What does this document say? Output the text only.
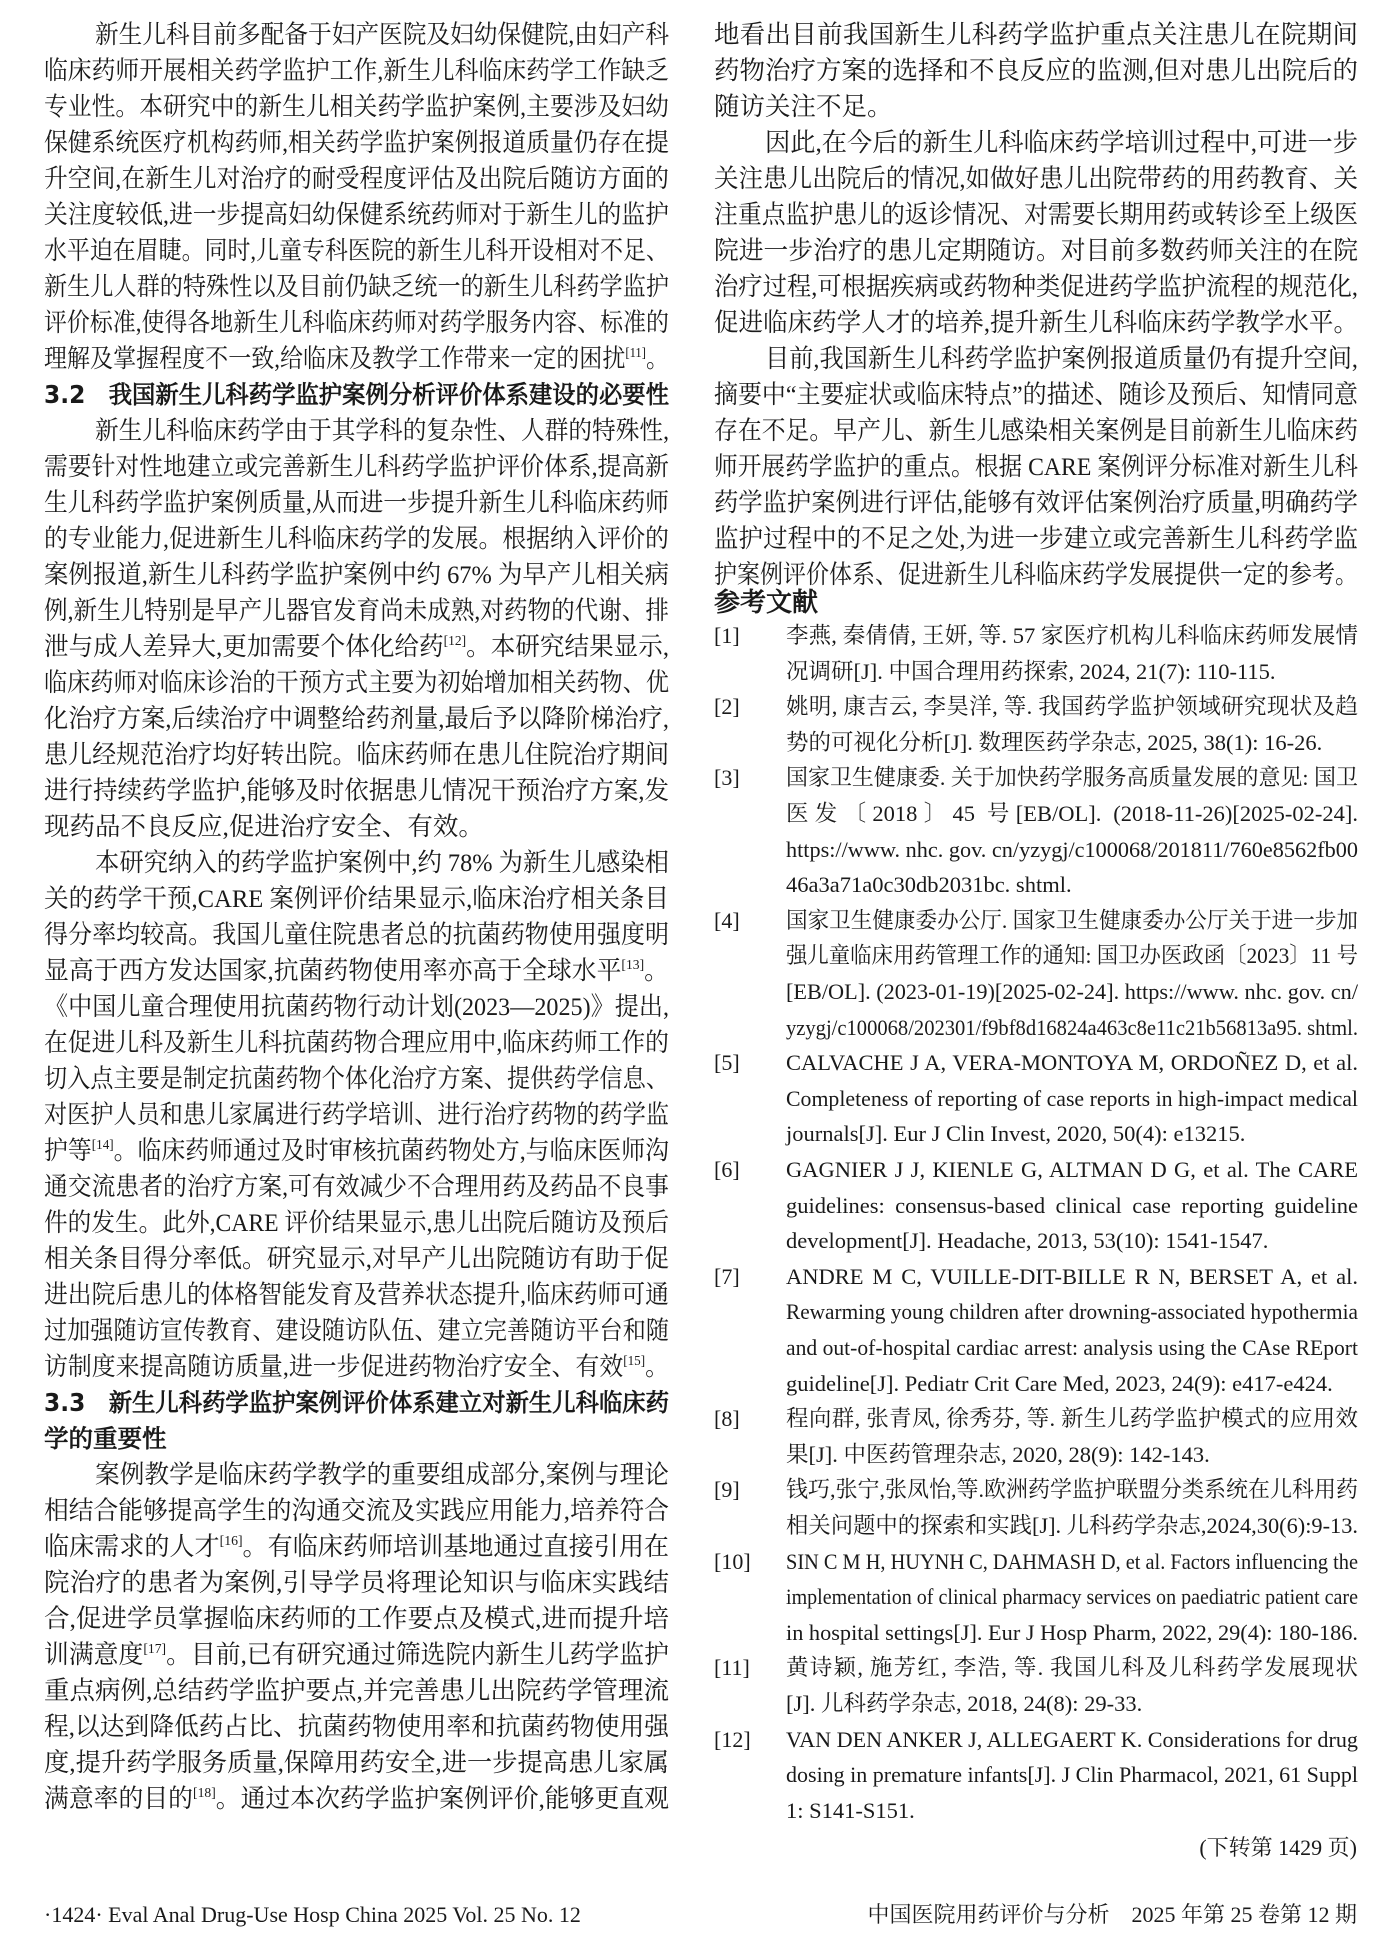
新生儿科目前多配备于妇产医院及妇幼保健院,由妇产科
临床药师开展相关药学监护工作,新生儿科临床药学工作缺乏
专业性。本研究中的新生儿相关药学监护案例,主要涉及妇幼
保健系统医疗机构药师,相关药学监护案例报道质量仍存在提
升空间,在新生儿对治疗的耐受程度评估及出院后随访方面的
关注度较低,进一步提高妇幼保健系统药师对于新生儿的监护
水平迫在眉睫。同时,儿童专科医院的新生儿科开设相对不足、
新生儿人群的特殊性以及目前仍缺乏统一的新生儿科药学监护
评价标准,使得各地新生儿科临床药师对药学服务内容、标准的
理解及掌握程度不一致,给临床及教学工作带来一定的困扰[11]。
3.2　我国新生儿科药学监护案例分析评价体系建设的必要性
新生儿科临床药学由于其学科的复杂性、人群的特殊性,
需要针对性地建立或完善新生儿科药学监护评价体系,提高新
生儿科药学监护案例质量,从而进一步提升新生儿科临床药师
的专业能力,促进新生儿科临床药学的发展。根据纳入评价的
案例报道,新生儿科药学监护案例中约 67% 为早产儿相关病
例,新生儿特别是早产儿器官发育尚未成熟,对药物的代谢、排
泄与成人差异大,更加需要个体化给药[12]。本研究结果显示,
临床药师对临床诊治的干预方式主要为初始增加相关药物、优
化治疗方案,后续治疗中调整给药剂量,最后予以降阶梯治疗,
患儿经规范治疗均好转出院。临床药师在患儿住院治疗期间
进行持续药学监护,能够及时依据患儿情况干预治疗方案,发
现药品不良反应,促进治疗安全、有效。
本研究纳入的药学监护案例中,约 78% 为新生儿感染相
关的药学干预,CARE 案例评价结果显示,临床治疗相关条目
得分率均较高。我国儿童住院患者总的抗菌药物使用强度明
显高于西方发达国家,抗菌药物使用率亦高于全球水平[13]。
《中国儿童合理使用抗菌药物行动计划(2023—2025)》提出,
在促进儿科及新生儿科抗菌药物合理应用中,临床药师工作的
切入点主要是制定抗菌药物个体化治疗方案、提供药学信息、
对医护人员和患儿家属进行药学培训、进行治疗药物的药学监
护等[14]。临床药师通过及时审核抗菌药物处方,与临床医师沟
通交流患者的治疗方案,可有效减少不合理用药及药品不良事
件的发生。此外,CARE 评价结果显示,患儿出院后随访及预后
相关条目得分率低。研究显示,对早产儿出院随访有助于促
进出院后患儿的体格智能发育及营养状态提升,临床药师可通
过加强随访宣传教育、建设随访队伍、建立完善随访平台和随
访制度来提高随访质量,进一步促进药物治疗安全、有效[15]。
3.3　新生儿科药学监护案例评价体系建立对新生儿科临床药
学的重要性
案例教学是临床药学教学的重要组成部分,案例与理论
相结合能够提高学生的沟通交流及实践应用能力,培养符合
临床需求的人才[16]。有临床药师培训基地通过直接引用在
院治疗的患者为案例,引导学员将理论知识与临床实践结
合,促进学员掌握临床药师的工作要点及模式,进而提升培
训满意度[17]。目前,已有研究通过筛选院内新生儿药学监护
重点病例,总结药学监护要点,并完善患儿出院药学管理流
程,以达到降低药占比、抗菌药物使用率和抗菌药物使用强
度,提升药学服务质量,保障用药安全,进一步提高患儿家属
满意率的目的[18]。通过本次药学监护案例评价,能够更直观
地看出目前我国新生儿科药学监护重点关注患儿在院期间
药物治疗方案的选择和不良反应的监测,但对患儿出院后的
随访关注不足。
因此,在今后的新生儿科临床药学培训过程中,可进一步
关注患儿出院后的情况,如做好患儿出院带药的用药教育、关
注重点监护患儿的返诊情况、对需要长期用药或转诊至上级医
院进一步治疗的患儿定期随访。对目前多数药师关注的在院
治疗过程,可根据疾病或药物种类促进药学监护流程的规范化,
促进临床药学人才的培养,提升新生儿科临床药学教学水平。
目前,我国新生儿科药学监护案例报道质量仍有提升空间,
摘要中“主要症状或临床特点”的描述、随诊及预后、知情同意
存在不足。早产儿、新生儿感染相关案例是目前新生儿临床药
师开展药学监护的重点。根据 CARE 案例评分标准对新生儿科
药学监护案例进行评估,能够有效评估案例治疗质量,明确药学
监护过程中的不足之处,为进一步建立或完善新生儿科药学监
护案例评价体系、促进新生儿科临床药学发展提供一定的参考。
参考文献
[1] 李燕, 秦倩倩, 王妍, 等. 57 家医疗机构儿科临床药师发展情
况调研[J]. 中国合理用药探索, 2024, 21(7): 110-115.
[2] 姚明, 康吉云, 李昊洋, 等. 我国药学监护领域研究现状及趋
势的可视化分析[J]. 数理医药学杂志, 2025, 38(1): 16-26.
[3] 国家卫生健康委. 关于加快药学服务高质量发展的意见: 国卫
医发〔2018〕45 号[EB/OL]. (2018-11-26)[2025-02-24].
https://www. nhc. gov. cn/yzygj/c100068/201811/760e8562fb00
46a3a71a0c30db2031bc. shtml.
[4] 国家卫生健康委办公厅. 国家卫生健康委办公厅关于进一步加
强儿童临床用药管理工作的通知: 国卫办医政函〔2023〕11 号
[EB/OL]. (2023-01-19)[2025-02-24]. https://www. nhc. gov. cn/
yzygj/c100068/202301/f9bf8d16824a463c8e11c21b56813a95. shtml.
[5] CALVACHE J A, VERA-MONTOYA M, ORDOÑEZ D, et al.
Completeness of reporting of case reports in high-impact medical
journals[J]. Eur J Clin Invest, 2020, 50(4): e13215.
[6] GAGNIER J J, KIENLE G, ALTMAN D G, et al. The CARE
guidelines: consensus-based clinical case reporting guideline
development[J]. Headache, 2013, 53(10): 1541-1547.
[7] ANDRE M C, VUILLE-DIT-BILLE R N, BERSET A, et al.
Rewarming young children after drowning-associated hypothermia
and out-of-hospital cardiac arrest: analysis using the CAse REport
guideline[J]. Pediatr Crit Care Med, 2023, 24(9): e417-e424.
[8] 程向群, 张青凤, 徐秀芬, 等. 新生儿药学监护模式的应用效
果[J]. 中医药管理杂志, 2020, 28(9): 142-143.
[9] 钱巧,张宁,张凤怡,等.欧洲药学监护联盟分类系统在儿科用药
相关问题中的探索和实践[J]. 儿科药学杂志,2024,30(6):9-13.
[10] SIN C M H, HUYNH C, DAHMASH D, et al. Factors influencing the
implementation of clinical pharmacy services on paediatric patient care
in hospital settings[J]. Eur J Hosp Pharm, 2022, 29(4): 180-186.
[11] 黄诗颖, 施芳红, 李浩, 等. 我国儿科及儿科药学发展现状
[J]. 儿科药学杂志, 2018, 24(8): 29-33.
[12] VAN DEN ANKER J, ALLEGAERT K. Considerations for drug
dosing in premature infants[J]. J Clin Pharmacol, 2021, 61 Suppl
1: S141-S151.
(下转第 1429 页)
·1424· Eval Anal Drug-Use Hosp China 2025 Vol. 25 No. 12	中国医院用药评价与分析　2025 年第 25 卷第 12 期
